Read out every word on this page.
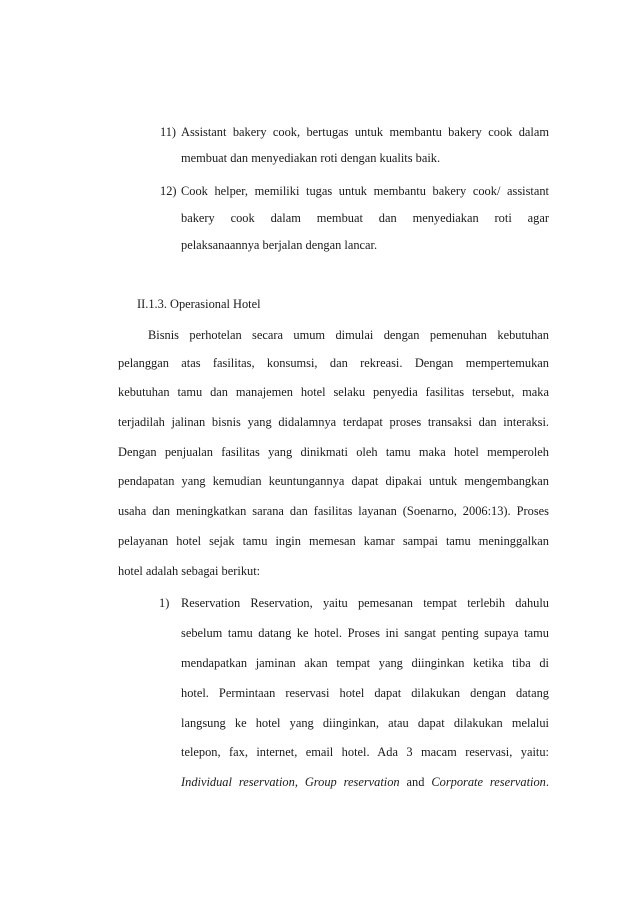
11) Assistant bakery cook, bertugas untuk membantu bakery cook dalam
membuat dan menyediakan roti dengan kualits baik.
12) Cook helper, memiliki tugas untuk membantu bakery cook/ assistant
bakery cook dalam membuat dan menyediakan roti agar
pelaksanaannya berjalan dengan lancar.
II.1.3. Operasional Hotel
Bisnis perhotelan secara umum dimulai dengan pemenuhan kebutuhan
pelanggan atas fasilitas, konsumsi, dan rekreasi. Dengan mempertemukan
kebutuhan tamu dan manajemen hotel selaku penyedia fasilitas tersebut, maka
terjadilah jalinan bisnis yang didalamnya terdapat proses transaksi dan interaksi.
Dengan penjualan fasilitas yang dinikmati oleh tamu maka hotel memperoleh
pendapatan yang kemudian keuntungannya dapat dipakai untuk mengembangkan
usaha dan meningkatkan sarana dan fasilitas layanan (Soenarno, 2006:13). Proses
pelayanan hotel sejak tamu ingin memesan kamar sampai tamu meninggalkan
hotel adalah sebagai berikut:
1) Reservation Reservation, yaitu pemesanan tempat terlebih dahulu
sebelum tamu datang ke hotel. Proses ini sangat penting supaya tamu
mendapatkan jaminan akan tempat yang diinginkan ketika tiba di
hotel. Permintaan reservasi hotel dapat dilakukan dengan datang
langsung ke hotel yang diinginkan, atau dapat dilakukan melalui
telepon, fax, internet, email hotel. Ada 3 macam reservasi, yaitu:
Individual reservation, Group reservation and Corporate reservation.
